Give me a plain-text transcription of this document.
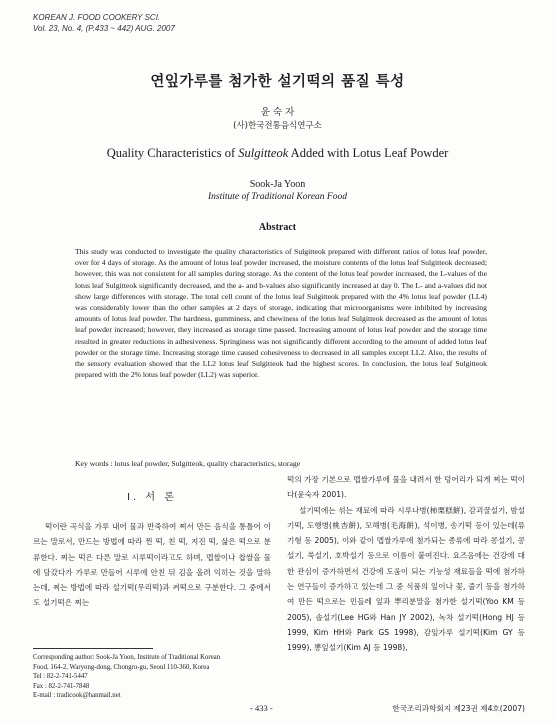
KOREAN J. FOOD COOKERY SCI.
Vol. 23, No. 4, (P.433 ~ 442) AUG. 2007
연잎가루를 첨가한 설기떡의 품질 특성
윤 숙 자
(사)한국전통음식연구소
Quality Characteristics of Sulgitteok Added with Lotus Leaf Powder
Sook-Ja Yoon
Institute of Traditional Korean Food
Abstract
This study was conducted to investigate the quality characteristics of Sulgitteok prepared with different ratios of lotus leaf powder, over for 4 days of storage. As the amount of lotus leaf powder increased, the moisture contents of the lotus leaf Sulgitteok decreased; however, this was not consistent for all samples during storage. As the content of the lotus leaf powder increased, the L-values of the lotus leaf Sulgitteok significantly decreased, and the a- and b-values also significantly increased at day 0. The L- and a-values did not show large differences with storage. The total cell count of the lotus leaf Sulgitteok prepared with the 4% lotus leaf powder (LL4) was considerably lower than the other samples at 2 days of storage, indicating that microorganisms were inhibited by increasing amounts of lotus leaf powder. The hardness, gumminess, and chewiness of the lotus leaf Sulgitteok decreased as the amount of lotus leaf powder increased; however, they increased as storage time passed. Increasing amount of lotus leaf powder and the storage time resulted in greater reductions in adhesiveness. Springiness was not significantly different according to the amount of added lotus leaf powder or the storage time. Increasing storage time caused cohesiveness to decreased in all samples except LL2. Also, the results of the sensory evaluation showed that the LL2 lotus leaf Sulgitteok had the highest scores. In conclusion, the lotus leaf Sulgitteok prepared with the 2% lotus leaf powder (LL2) was superior.
Key words : lotus leaf powder, Sulgitteok, quality characteristics, storage
Ⅰ. 서 론
떡이란 곡식을 가루 내어 물과 반죽하여 쪄서 만든 음식을 통틀어 이르는 말로서, 만드는 방법에 따라 찐 떡, 친 떡, 지진 떡, 삶은 떡으로 분류한다. 찌는 떡은 다른 말로 시루떡이라고도 하며, 멥쌀이나 찹쌀을 물에 담갔다가 가루로 만들어 시루에 안친 뒤 김을 올려 익히는 것을 말하는데, 찌는 방법에 따라 설기떡(무리떡)과 켜떡으로 구분한다. 그 중에서도 설기떡은 찌는
떡의 가장 기본으로 멥쌀가루에 물을 내려서 한 덩어리가 되게 찌는 떡이다(윤숙자 2001).
설기떡에는 섞는 재료에 따라 시루나병(柿栗糕餠), 감괴꿀설기, 밤설기떡, 도행병(桃杏餠), 모해병(毛海餠), 석이병, 송기떡 등이 있는데(류기형 등 2005), 이와 같이 멥쌀가루에 첨가되는 종류에 따라 콩설기, 콩설기, 쑥설기, 호박설기 등으로 이름이 붙여진다. 요즈음에는 건강에 대한 관심이 증가하면서 건강에 도움이 되는 기능성 재료들을 떡에 첨가하는 연구들이 증가하고 있는데 그 중 식품의 잎이나 꽃, 줄기 등을 첨가하여 만든 떡으로는 민들레 잎과 뿌리분말을 첨가한 설기떡(Yoo KM 등 2005), 솔설기(Lee HG와 Han JY 2002), 녹차 설기떡(Hong HJ 등 1999, Kim HH와 Park GS 1998), 감잎가루 설기떡(Kim GY 등 1999), 뽕잎설기(Kim AJ 등 1998),
Corresponding author: Sook-Ja Yoon, Institute of Traditional Korean
Food, 164-2, Waryong-dong, Chongro-gu, Seoul 110-360, Korea
Tel : 82-2-741-5447
Fax : 82-2-741-7848
E-mail : tradicook@hanmail.net
- 433 -	한국조리과학회지 제23권 제4호(2007)
